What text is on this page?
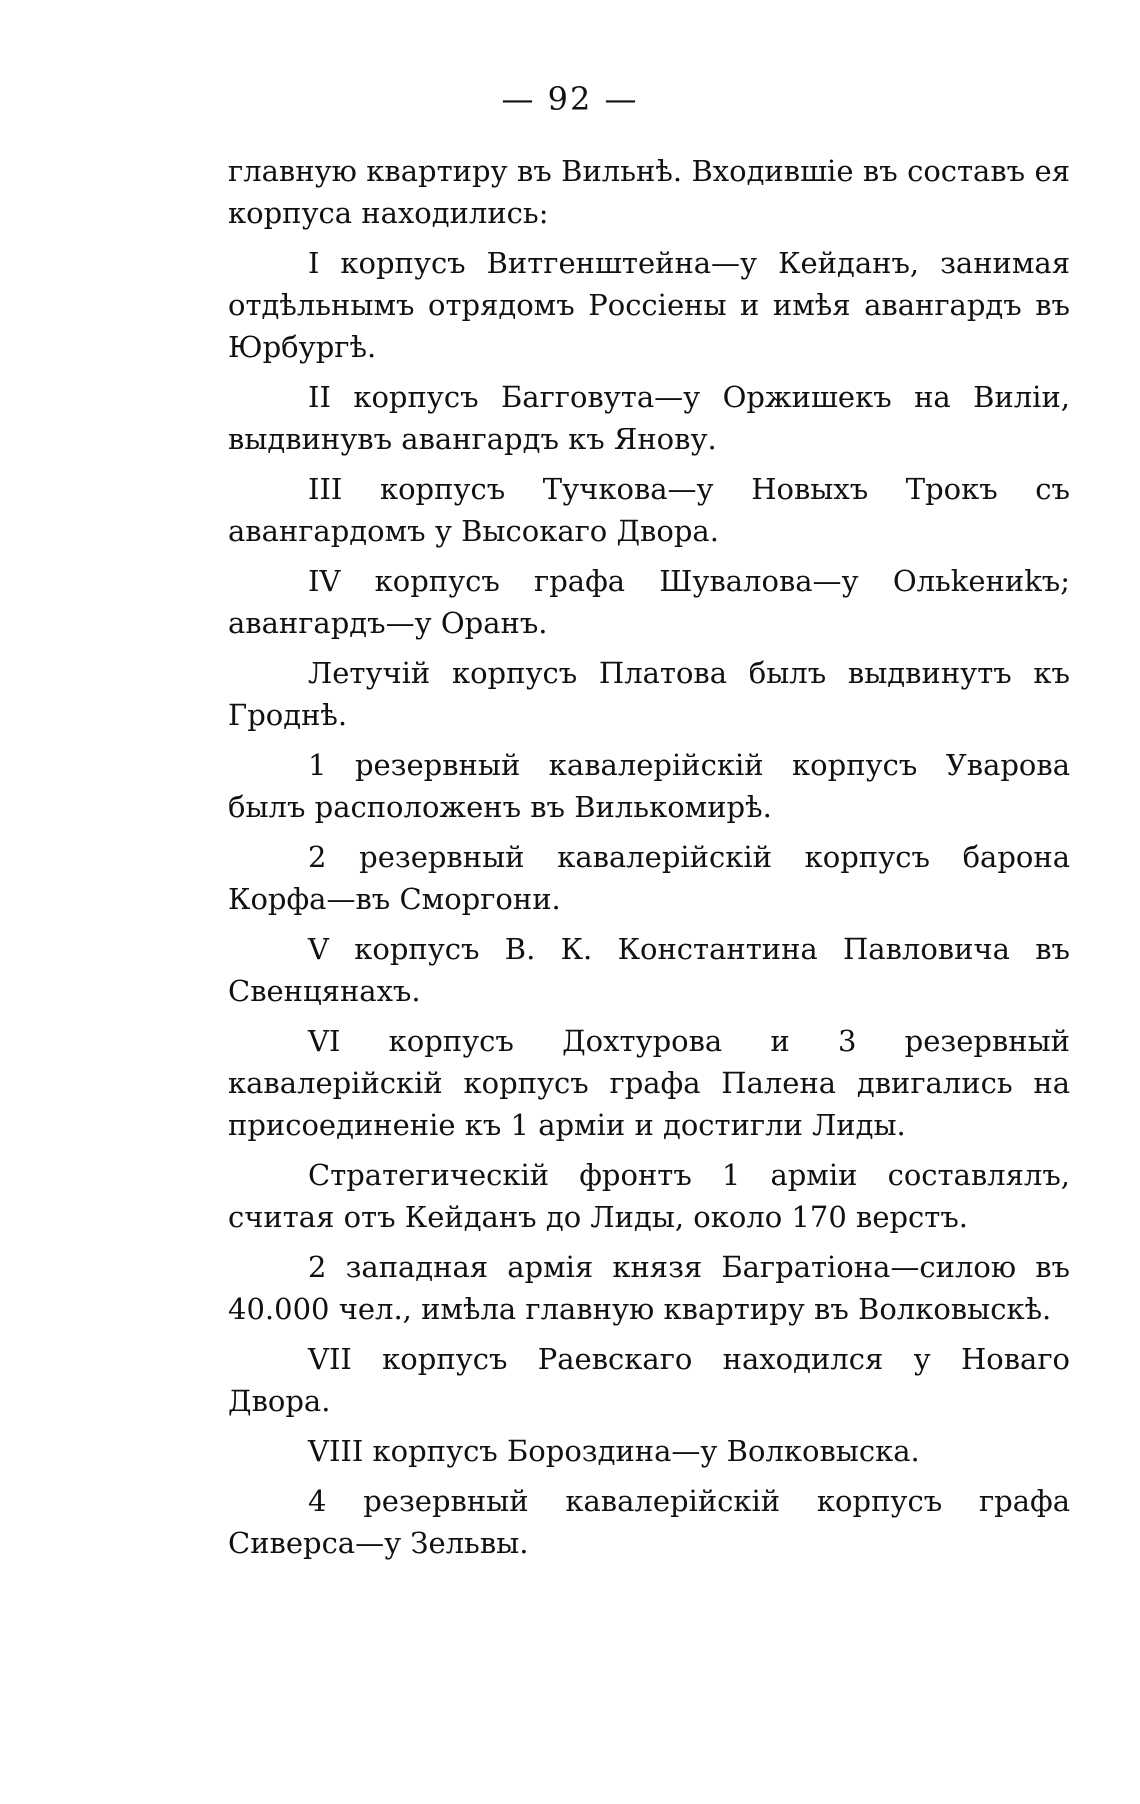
— 92 —

главную квартиру въ Вильнѣ. Входившіе въ составъ ея корпуса находились:

I корпусъ Витгенштейна—у Кейданъ, занимая отдѣльнымъ отрядомъ Россіены и имѣя авангардъ въ Юрбургѣ.

II корпусъ Багговута—у Оржишекъ на Виліи, выдвинувъ авангардъ къ Янову.

III корпусъ Тучкова—у Новыхъ Трокъ съ авангардомъ у Высокаго Двора.

IV корпусъ графа Шувалова—у Ольkениkъ; авангардъ—у Оранъ.

Летучій корпусъ Платова былъ выдвинутъ къ Гроднѣ.

1 резервный кавалерійскій корпусъ Уварова былъ расположенъ въ Вилькомирѣ.

2 резервный кавалерійскій корпусъ барона Корфа—въ Сморгони.

V корпусъ В. К. Константина Павловича въ Свенцянахъ.

VI корпусъ Дохтурова и 3 резервный кавалерійскій корпусъ графа Палена двигались на присоединеніе къ 1 арміи и достигли Лиды.

Стратегическій фронтъ 1 арміи составлялъ, считая отъ Кейданъ до Лиды, около 170 верстъ.

2 западная армія князя Багратіона—силою въ 40.000 чел., имѣла главную квартиру въ Волковыскѣ.

VII корпусъ Раевскаго находился у Новаго Двора.

VIII корпусъ Бороздина—у Волковыска.

4 резервный кавалерійскій корпусъ графа Сиверса—у Зельвы.
